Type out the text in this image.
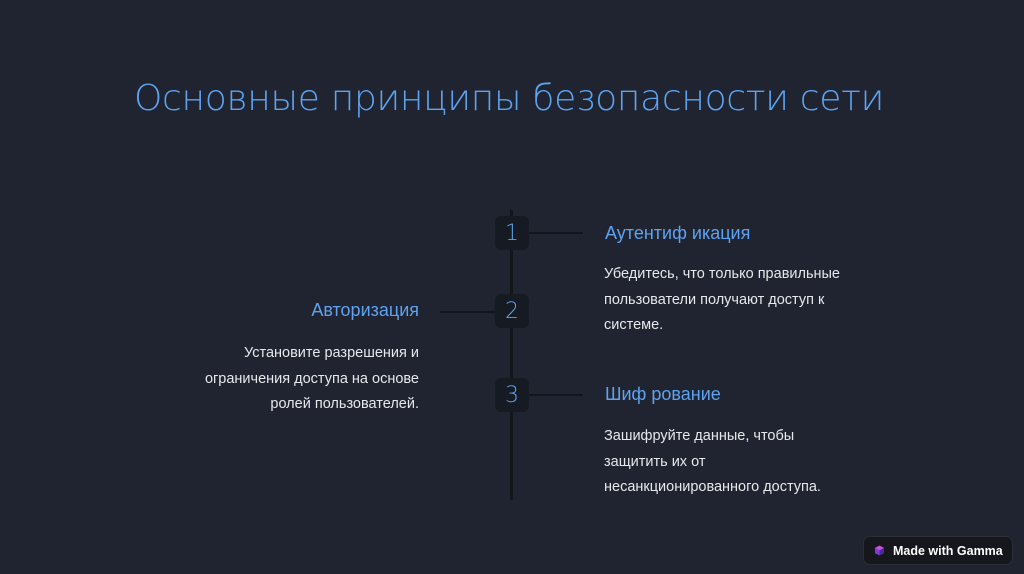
Основные принципы безопасности сети
1	Аутентиф икация

Убедитесь, что только правильные пользователи получают доступ к системе.

2
Авторизация

Установите разрешения и ограничения доступа на основе ролей пользователей.	3	Шиф рование

Зашифруйте данные, чтобы защитить их от несанкционированного доступа.

Made with Gamma
